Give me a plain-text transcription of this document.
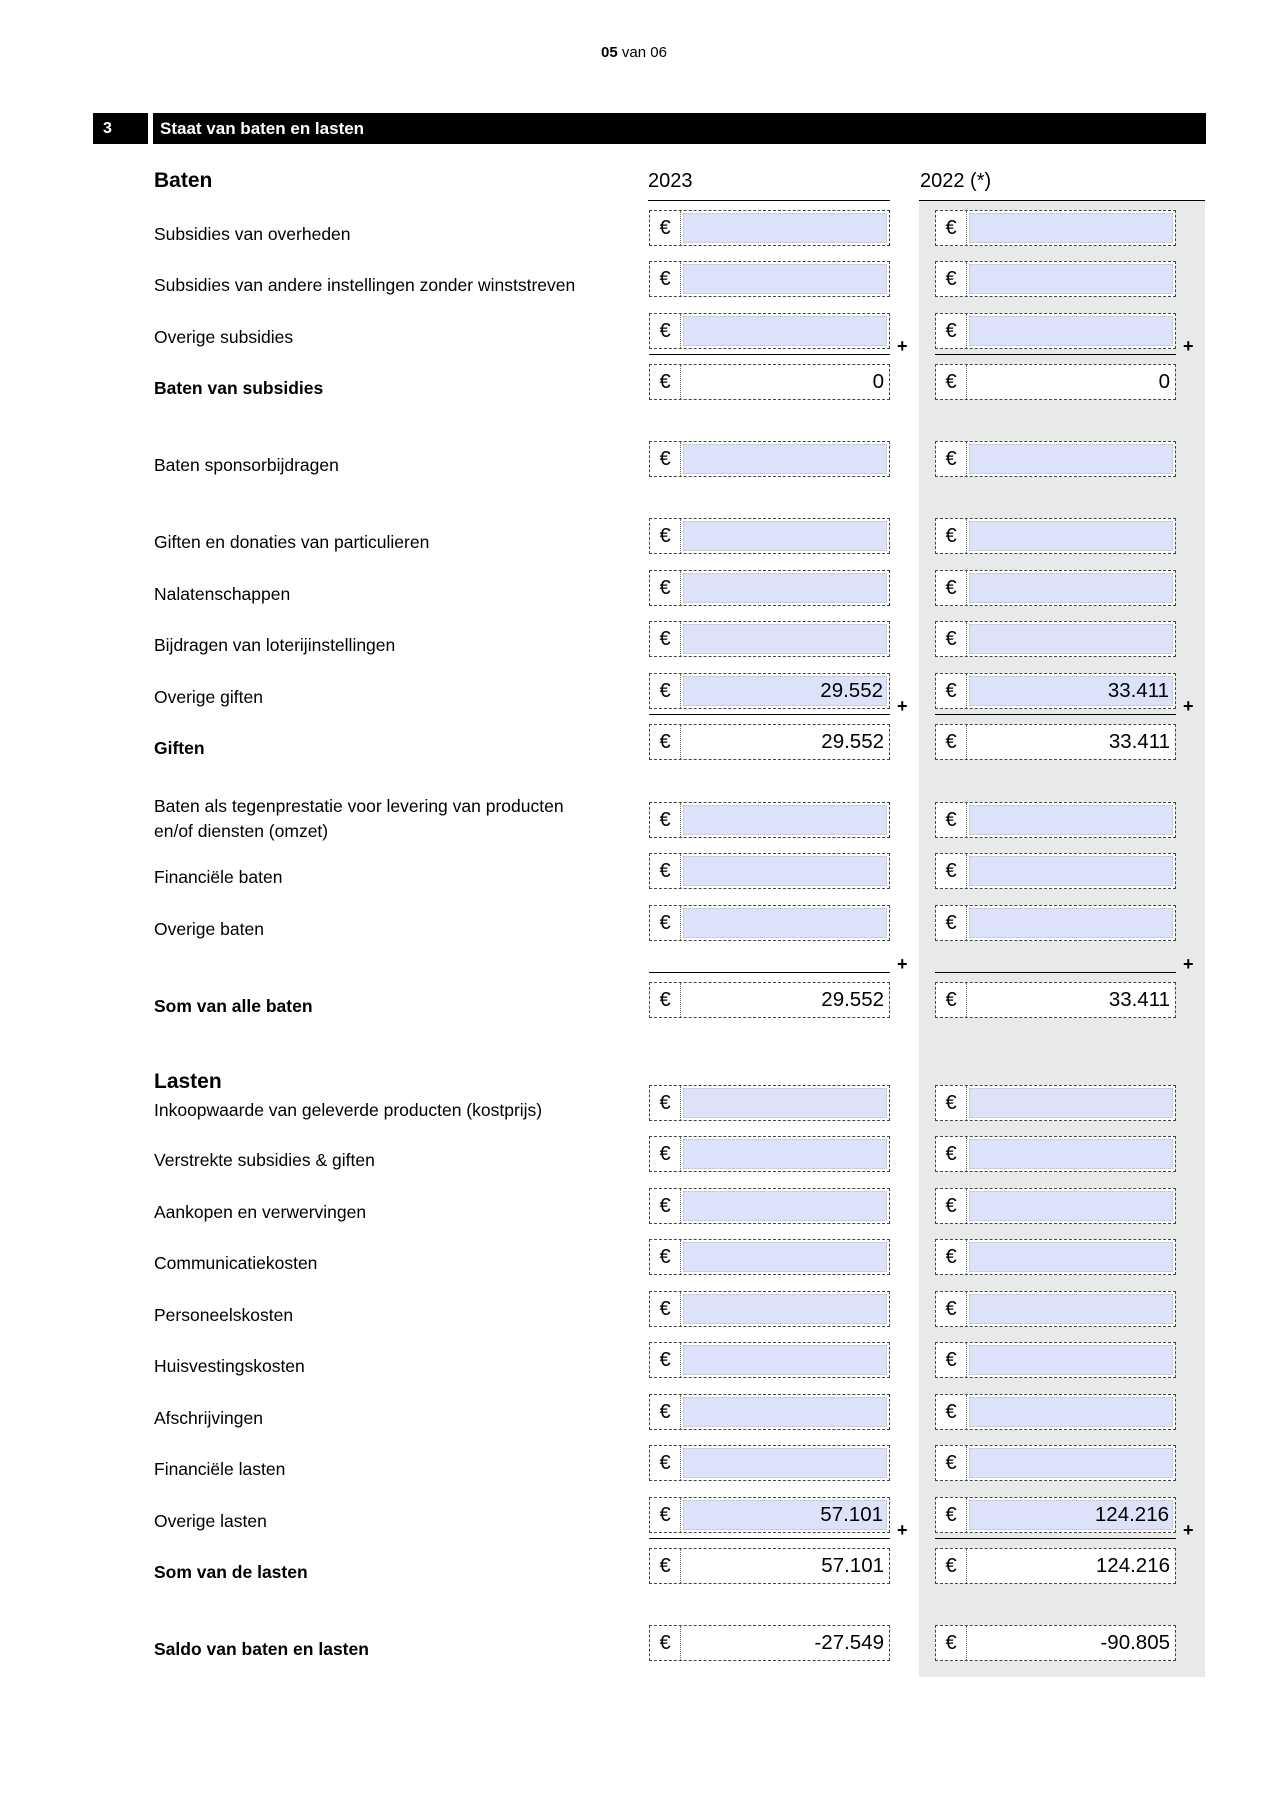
05 van 06
3	Staat van baten en lasten
Baten	2023	2022 (*)
Subsidies van overheden	€	€
Subsidies van andere instellingen zonder winststreven	€	€
Overige subsidies	€	€
+	+
Baten van subsidies	€	0	€	0
Baten sponsorbijdragen	€	€
Giften en donaties van particulieren	€	€
Nalatenschappen	€	€
Bijdragen van loterijinstellingen	€	€
Overige giften	€	29.552	€	33.411
+	+
Giften	€	29.552	€	33.411
Baten als tegenprestatie voor levering van producten
en/of diensten (omzet)
€	€
Financiële baten	€	€
Overige baten	€	€
+	+
Som van alle baten	€	29.552	€	33.411
Lasten
Inkoopwaarde van geleverde producten (kostprijs)	€	€
Verstrekte subsidies & giften	€	€
Aankopen en verwervingen	€	€
Communicatiekosten	€	€
Personeelskosten	€	€
Huisvestingskosten	€	€
Afschrijvingen	€	€
Financiële lasten	€	€
Overige lasten	€	57.101	€	124.216
+	+
Som van de lasten	€	57.101	€	124.216
Saldo van baten en lasten	€	-27.549	€	-90.805
